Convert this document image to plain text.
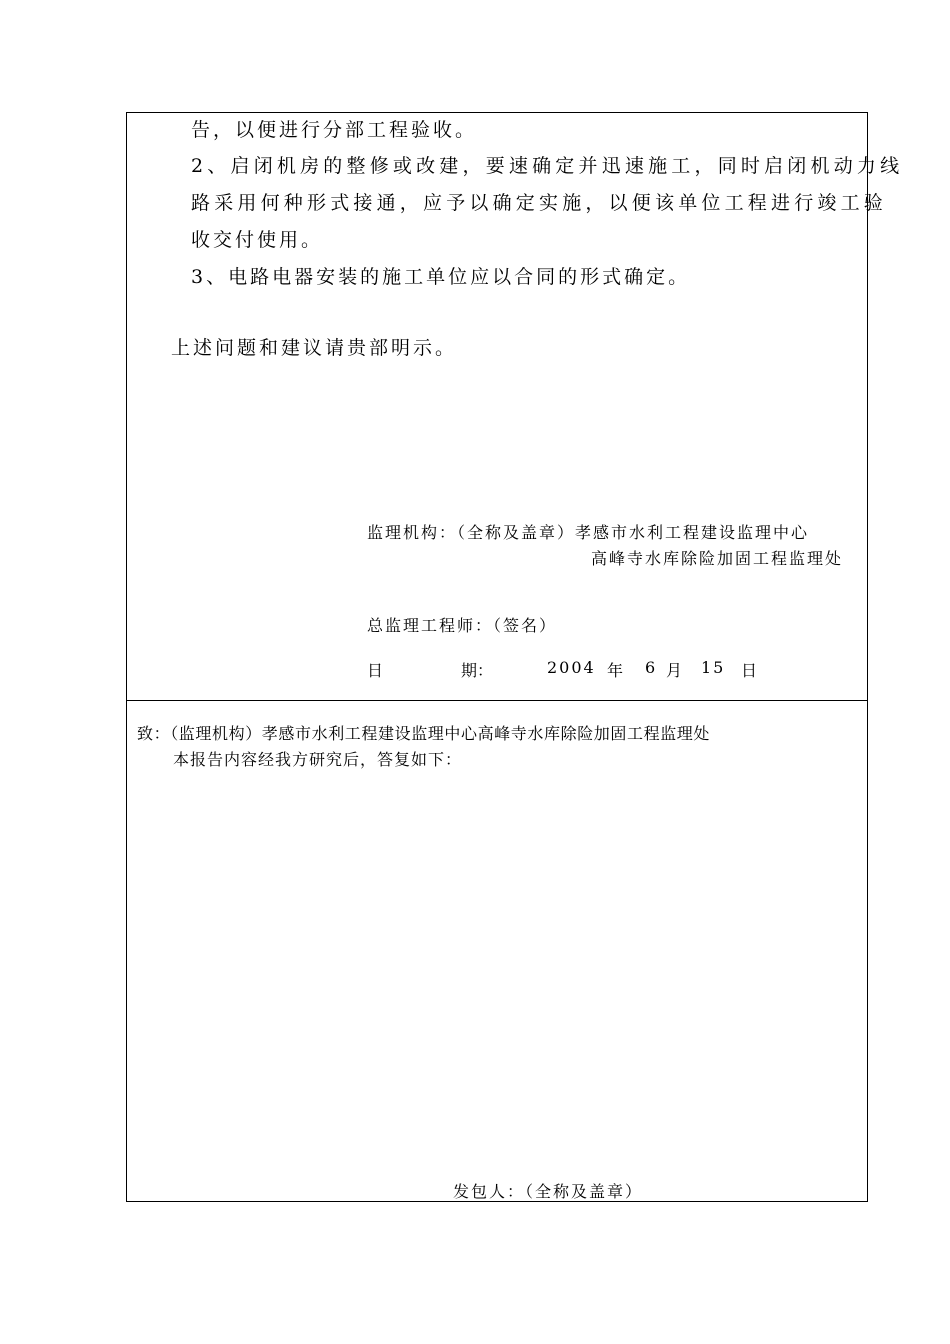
告，以便进行分部工程验收。
2、启闭机房的整修或改建，要速确定并迅速施工，同时启闭机动力线
路采用何种形式接通，应予以确定实施，以便该单位工程进行竣工验
收交付使用。
3、电路电器安装的施工单位应以合同的形式确定。
上述问题和建议请贵部明示。
监理机构：（全称及盖章）孝感市水利工程建设监理中心
高峰寺水库除险加固工程监理处
总监理工程师：（签名）
日	期：	2004 年 6 月 15 日
致：（监理机构）孝感市水利工程建设监理中心高峰寺水库除险加固工程监理处
本报告内容经我方研究后，答复如下：
发包人：（全称及盖章）
